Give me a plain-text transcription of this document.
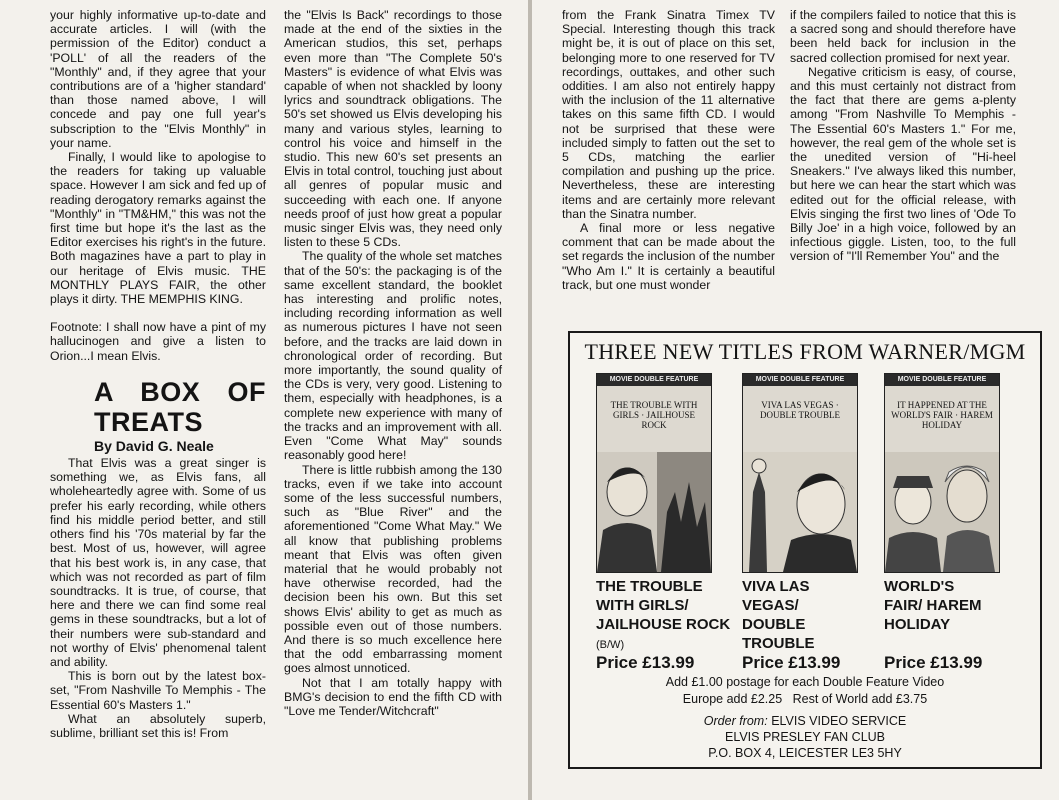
your highly informative up-to-date and accurate articles. I will (with the permission of the Editor) conduct a 'POLL' of all the readers of the "Monthly" and, if they agree that your contributions are of a 'higher standard' than those named above, I will concede and pay one full year's subscription to the "Elvis Monthly" in your name.

Finally, I would like to apologise to the readers for taking up valuable space. However I am sick and fed up of reading derogatory remarks against the "Monthly" in "TM&HM," this was not the first time but hope it's the last as the Editor exercises his right's in the future. Both magazines have a part to play in our heritage of Elvis music. THE MONTHLY PLAYS FAIR, the other plays it dirty. THE MEMPHIS KING.

Footnote: I shall now have a pint of my hallucinogen and give a listen to Orion...I mean Elvis.

A BOX OF TREATS
By David G. Neale

That Elvis was a great singer is something we, as Elvis fans, all wholeheartedly agree with. Some of us prefer his early recording, while others find his middle period better, and still others find his '70s material by far the best. Most of us, however, will agree that his best work is, in any case, that which was not recorded as part of film soundtracks. It is true, of course, that here and there we can find some real gems in these soundtracks, but a lot of their numbers were sub-standard and not worthy of Elvis' phenomenal talent and ability.

This is born out by the latest box-set, "From Nashville To Memphis - The Essential 60's Masters 1."

What an absolutely superb, sublime, brilliant set this is! From

the "Elvis Is Back" recordings to those made at the end of the sixties in the American studios, this set, perhaps even more than "The Complete 50's Masters" is evidence of what Elvis was capable of when not shackled by loony lyrics and soundtrack obligations. The 50's set showed us Elvis developing his many and various styles, learning to control his voice and himself in the studio. This new 60's set presents an Elvis in total control, touching just about all genres of popular music and succeeding with each one. If anyone needs proof of just how great a popular music singer Elvis was, they need only listen to these 5 CDs.

The quality of the whole set matches that of the 50's: the packaging is of the same excellent standard, the booklet has interesting and prolific notes, including recording information as well as numerous pictures I have not seen before, and the tracks are laid down in chronological order of recording. But more importantly, the sound quality of the CDs is very, very good. Listening to them, especially with headphones, is a complete new experience with many of the tracks and an improvement with all. Even "Come What May" sounds reasonably good here!

There is little rubbish among the 130 tracks, even if we take into account some of the less successful numbers, such as "Blue River" and the aforementioned "Come What May." We all know that publishing problems meant that Elvis was often given material that he would probably not have otherwise recorded, had the decision been his own. But this set shows Elvis' ability to get as much as possible even out of those numbers. And there is so much excellence here that the odd embarrassing moment goes almost unnoticed.

Not that I am totally happy with BMG's decision to end the fifth CD with "Love me Tender/Witchcraft"

from the Frank Sinatra Timex TV Special. Interesting though this track might be, it is out of place on this set, belonging more to one reserved for TV recordings, outtakes, and other such oddities. I am also not entirely happy with the inclusion of the 11 alternative takes on this same fifth CD. I would not be surprised that these were included simply to fatten out the set to 5 CDs, matching the earlier compilation and pushing up the price. Nevertheless, these are interesting items and are certainly more relevant than the Sinatra number.

A final more or less negative comment that can be made about the set regards the inclusion of the number "Who Am I." It is certainly a beautiful track, but one must wonder

if the compilers failed to notice that this is a sacred song and should therefore have been held back for inclusion in the sacred collection promised for next year.

Negative criticism is easy, of course, and this must certainly not distract from the fact that there are gems a-plenty among "From Nashville To Memphis - The Essential 60's Masters 1." For me, however, the real gem of the whole set is the unedited version of "Hi-heel Sneakers." I've always liked this number, but here we can hear the start which was edited out for the official release, with Elvis singing the first two lines of 'Ode To Billy Joe' in a high voice, followed by an infectious giggle. Listen, too, to the full version of "I'll Remember You" and the

THREE NEW TITLES FROM WARNER/MGM
MOVIE DOUBLE FEATURE
THE TROUBLE WITH GIRLS · JAILHOUSE ROCK
MOVIE DOUBLE FEATURE
VIVA LAS VEGAS · DOUBLE TROUBLE
MOVIE DOUBLE FEATURE
IT HAPPENED AT THE WORLD'S FAIR · HAREM HOLIDAY
THE TROUBLE WITH GIRLS/ JAILHOUSE ROCK (B/W)
VIVA LAS VEGAS/ DOUBLE TROUBLE
WORLD'S FAIR/ HAREM HOLIDAY
Price £13.99	Price £13.99	Price £13.99
Add £1.00 postage for each Double Feature Video
Europe add £2.25   Rest of World add £3.75
Order from: ELVIS VIDEO SERVICE
ELVIS PRESLEY FAN CLUB
P.O. BOX 4, LEICESTER LE3 5HY
